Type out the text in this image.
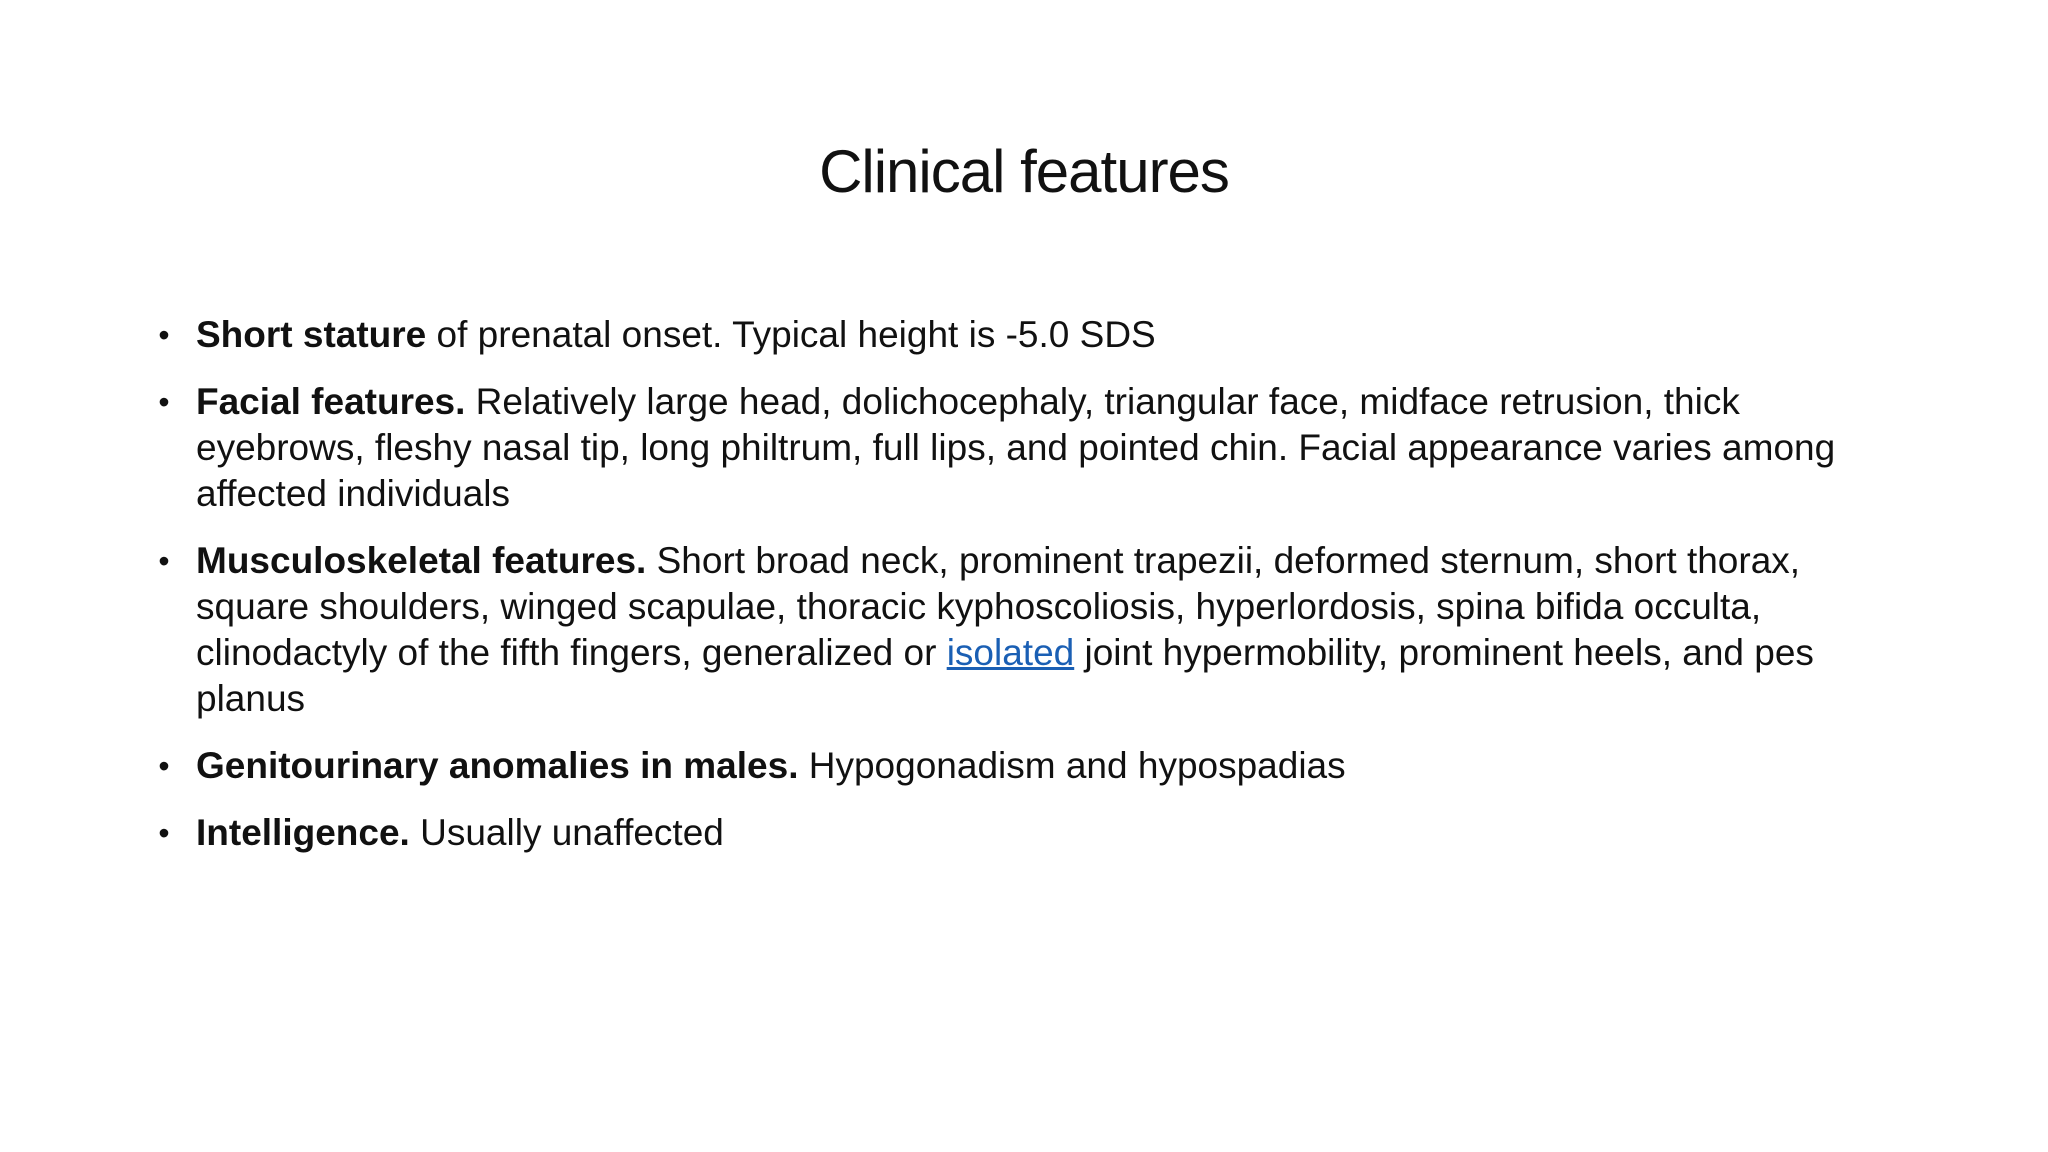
Clinical features
• Short stature of prenatal onset. Typical height is -5.0 SDS
• Facial features. Relatively large head, dolichocephaly, triangular face, midface retrusion, thick eyebrows, fleshy nasal tip, long philtrum, full lips, and pointed chin. Facial appearance varies among affected individuals
• Musculoskeletal features. Short broad neck, prominent trapezii, deformed sternum, short thorax, square shoulders, winged scapulae, thoracic kyphoscoliosis, hyperlordosis, spina bifida occulta, clinodactyly of the fifth fingers, generalized or isolated joint hypermobility, prominent heels, and pes planus
• Genitourinary anomalies in males. Hypogonadism and hypospadias
• Intelligence. Usually unaffected
